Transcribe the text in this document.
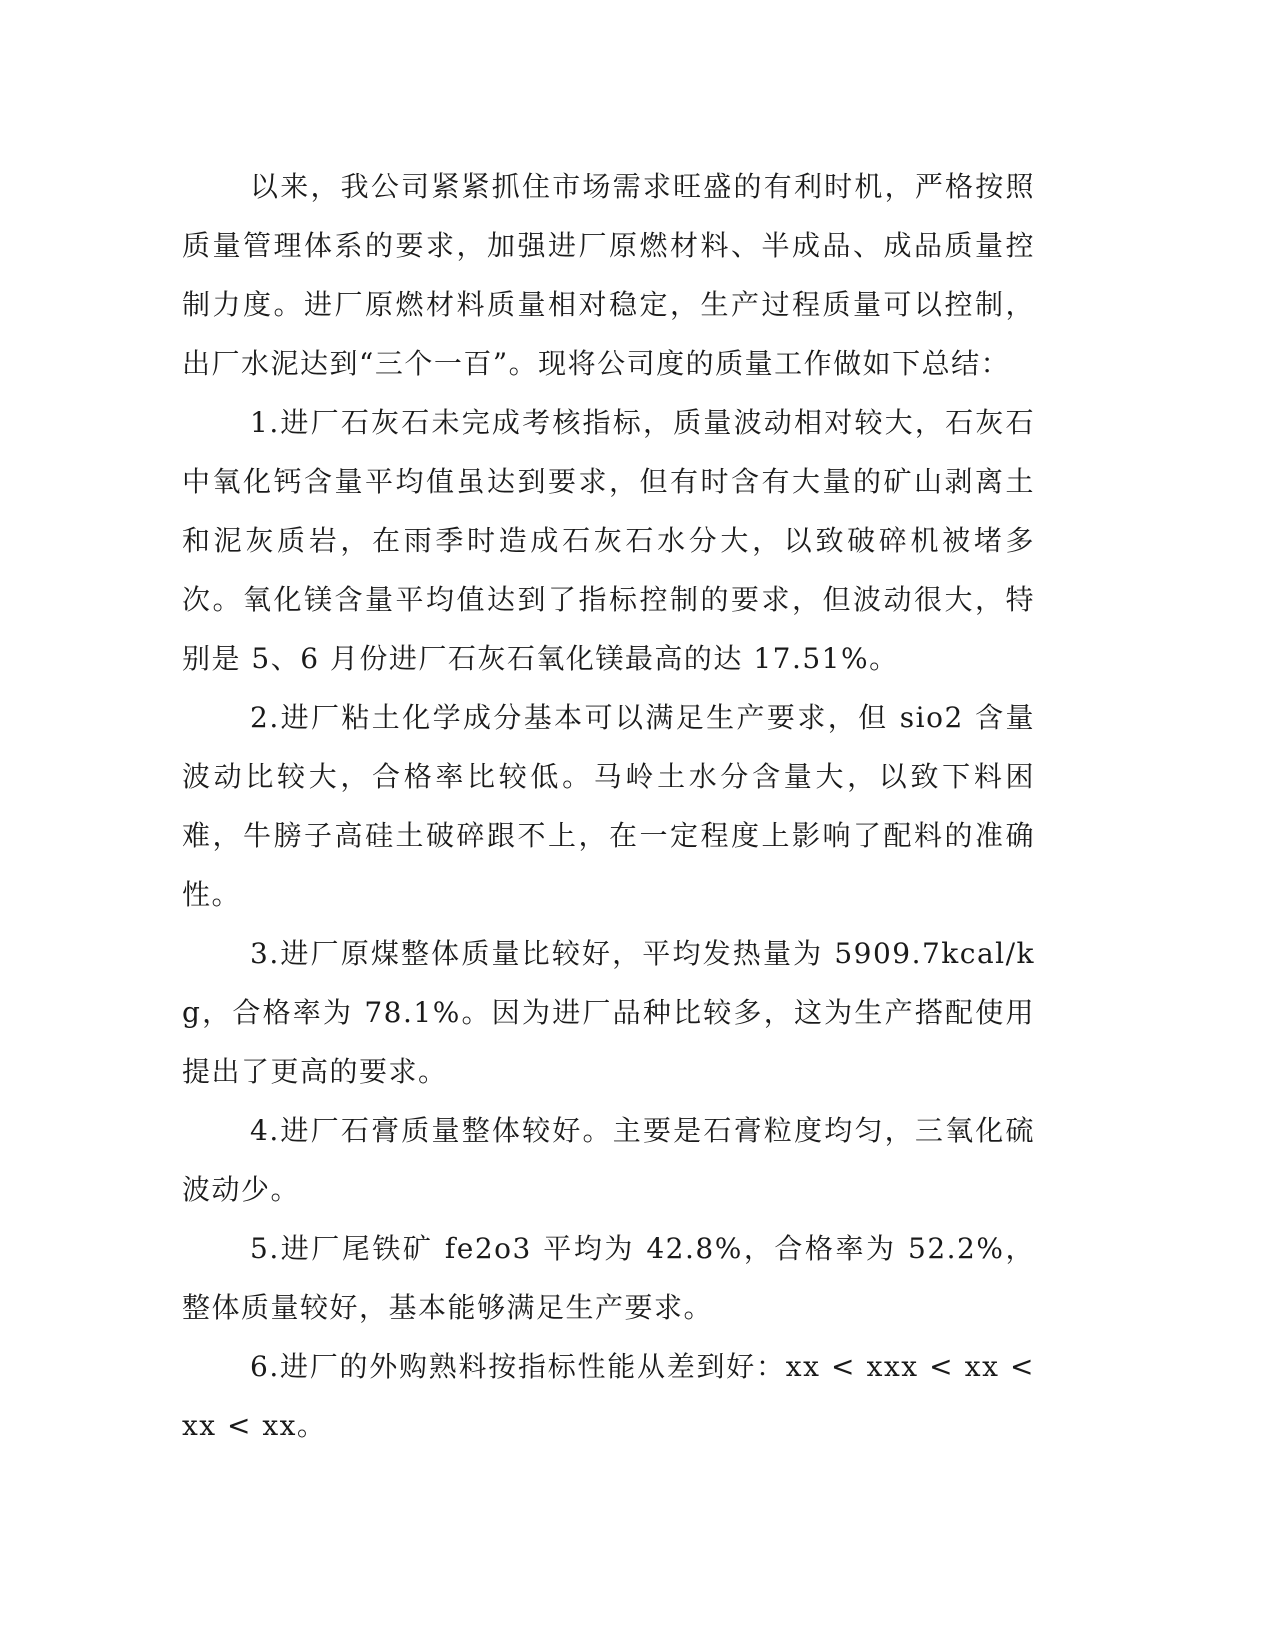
以来，我公司紧紧抓住市场需求旺盛的有利时机，严格按照质量管理体系的要求，加强进厂原燃材料、半成品、成品质量控制力度。进厂原燃材料质量相对稳定，生产过程质量可以控制，出厂水泥达到“三个一百”。现将公司度的质量工作做如下总结：

1.进厂石灰石未完成考核指标，质量波动相对较大，石灰石中氧化钙含量平均值虽达到要求，但有时含有大量的矿山剥离土和泥灰质岩，在雨季时造成石灰石水分大，以致破碎机被堵多次。氧化镁含量平均值达到了指标控制的要求，但波动很大，特别是 5、6 月份进厂石灰石氧化镁最高的达 17.51%。

2.进厂粘土化学成分基本可以满足生产要求，但 sio2 含量波动比较大，合格率比较低。马岭土水分含量大，以致下料困难，牛膀子高硅土破碎跟不上，在一定程度上影响了配料的准确性。

3.进厂原煤整体质量比较好，平均发热量为 5909.7kcal/kg，合格率为 78.1%。因为进厂品种比较多，这为生产搭配使用提出了更高的要求。

4.进厂石膏质量整体较好。主要是石膏粒度均匀，三氧化硫波动少。

5.进厂尾铁矿 fe2o3 平均为 42.8%，合格率为 52.2%，整体质量较好，基本能够满足生产要求。

6.进厂的外购熟料按指标性能从差到好：xx < xxx < xx < xx < xx。
